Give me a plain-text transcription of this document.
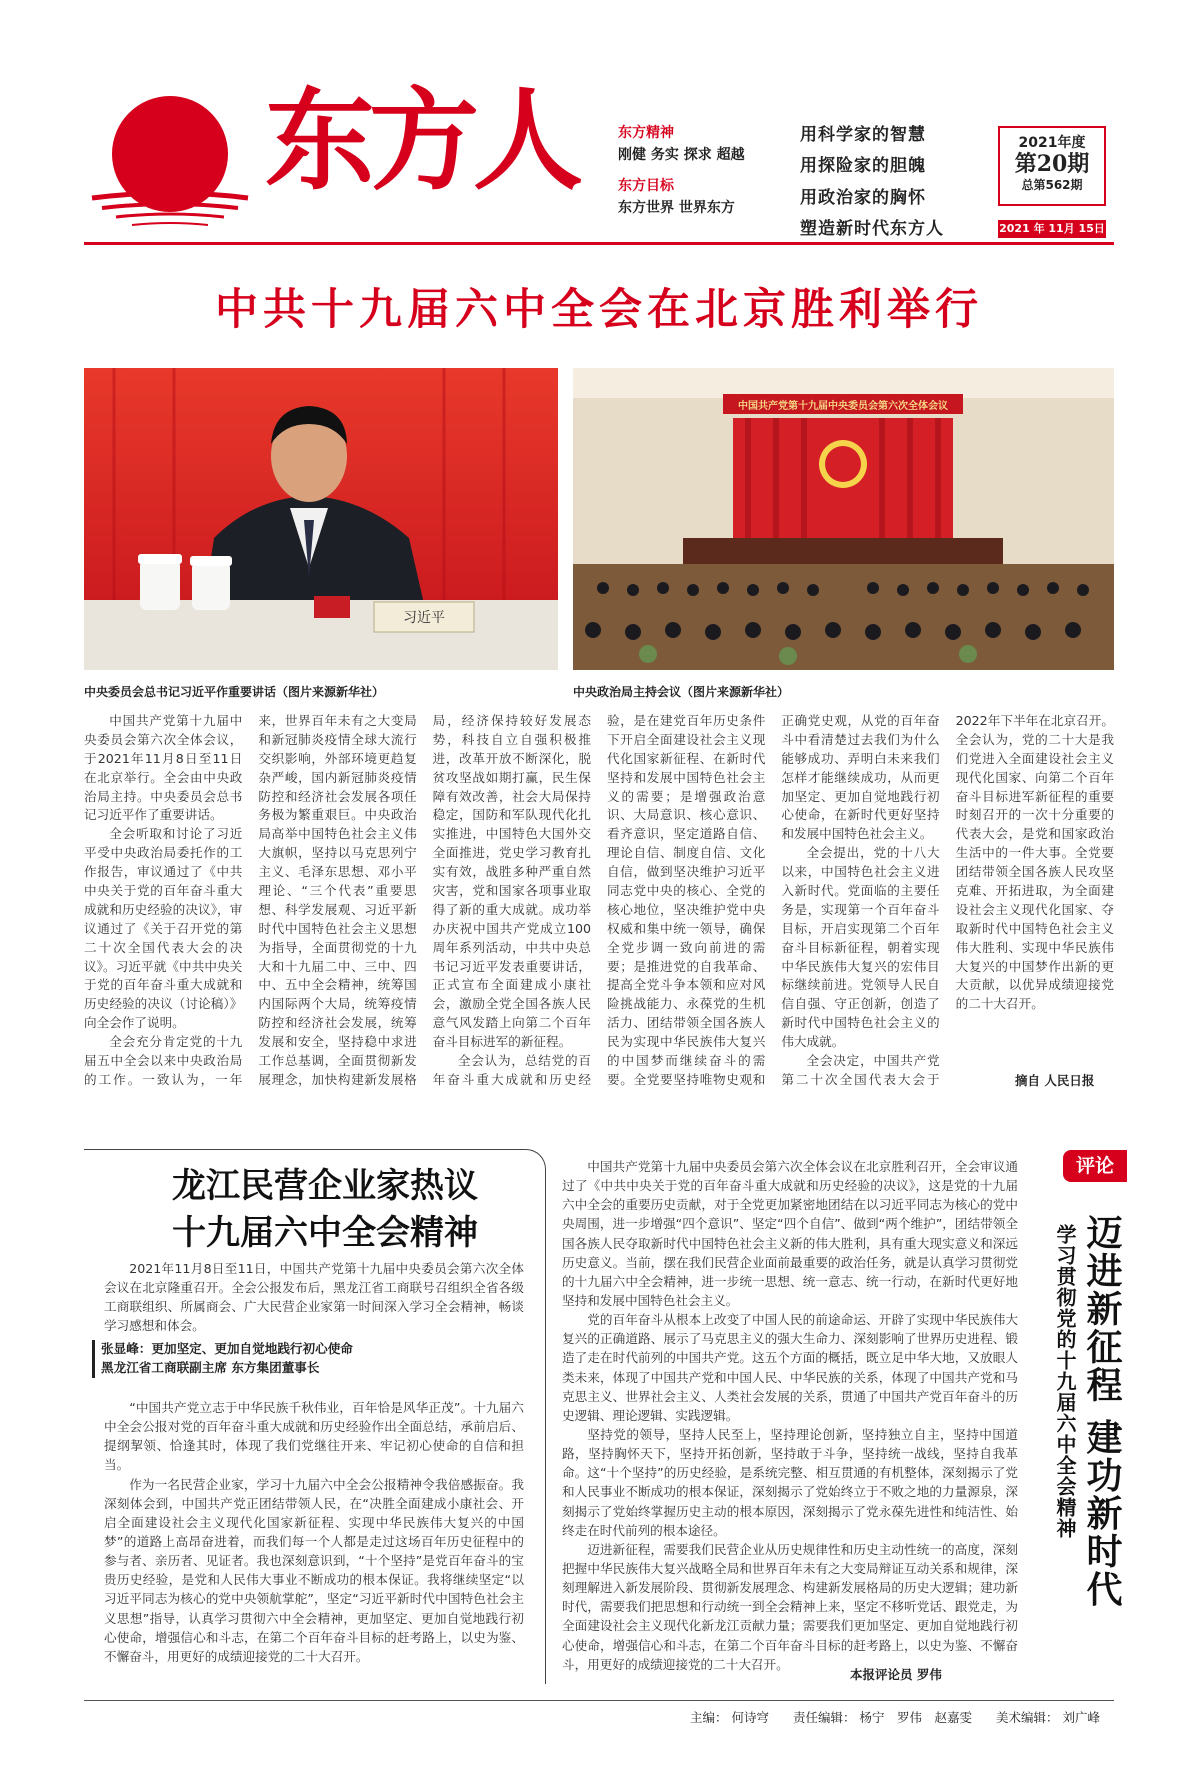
东方人	东方精神
刚健 务实 探求 超越
东方目标
东方世界 世界东方
用科学家的智慧
用探险家的胆魄
用政治家的胸怀
塑造新时代东方人
2021年度
第20期
总第562期
2021 年 11月 15日
中共十九届六中全会在北京胜利举行
习近平
中国共产党第十九届中央委员会第六次全体会议
中央委员会总书记习近平作重要讲话（图片来源新华社）	中央政治局主持会议（图片来源新华社）

中国共产党第十九届中央委员会第六次全体会议，于2021年11月8日至11日在北京举行。全会由中央政治局主持。中央委员会总书记习近平作了重要讲话。

全会听取和讨论了习近平受中央政治局委托作的工作报告，审议通过了《中共中央关于党的百年奋斗重大成就和历史经验的决议》，审议通过了《关于召开党的第二十次全国代表大会的决议》。习近平就《中共中央关于党的百年奋斗重大成就和历史经验的决议（讨论稿）》向全会作了说明。

全会充分肯定党的十九届五中全会以来中央政治局的工作。一致认为，一年来，世界百年未有之大变局和新冠肺炎疫情全球大流行交织影响，外部环境更趋复杂严峻，国内新冠肺炎疫情防控和经济社会发展各项任务极为繁重艰巨。中央政治局高举中国特色社会主义伟大旗帜，坚持以马克思列宁主义、毛泽东思想、邓小平理论、“三个代表”重要思想、科学发展观、习近平新时代中国特色社会主义思想为指导，全面贯彻党的十九大和十九届二中、三中、四中、五中全会精神，统筹国内国际两个大局，统筹疫情防控和经济社会发展，统筹发展和安全，坚持稳中求进工作总基调，全面贯彻新发展理念，加快构建新发展格局，经济保持较好发展态势，科技自立自强积极推进，改革开放不断深化，脱贫攻坚战如期打赢，民生保障有效改善，社会大局保持稳定，国防和军队现代化扎实推进，中国特色大国外交全面推进，党史学习教育扎实有效，战胜多种严重自然灾害，党和国家各项事业取得了新的重大成就。成功举办庆祝中国共产党成立100周年系列活动，中共中央总书记习近平发表重要讲话，正式宣布全面建成小康社会，激励全党全国各族人民意气风发踏上向第二个百年奋斗目标进军的新征程。

全会认为，总结党的百年奋斗重大成就和历史经验，是在建党百年历史条件下开启全面建设社会主义现代化国家新征程、在新时代坚持和发展中国特色社会主义的需要；是增强政治意识、大局意识、核心意识、看齐意识，坚定道路自信、理论自信、制度自信、文化自信，做到坚决维护习近平同志党中央的核心、全党的核心地位，坚决维护党中央权威和集中统一领导，确保全党步调一致向前进的需要；是推进党的自我革命、提高全党斗争本领和应对风险挑战能力、永葆党的生机活力、团结带领全国各族人民为实现中华民族伟大复兴的中国梦而继续奋斗的需要。全党要坚持唯物史观和正确党史观，从党的百年奋斗中看清楚过去我们为什么能够成功、弄明白未来我们怎样才能继续成功，从而更加坚定、更加自觉地践行初心使命，在新时代更好坚持和发展中国特色社会主义。

全会提出，党的十八大以来，中国特色社会主义进入新时代。党面临的主要任务是，实现第一个百年奋斗目标，开启实现第二个百年奋斗目标新征程，朝着实现中华民族伟大复兴的宏伟目标继续前进。党领导人民自信自强、守正创新，创造了新时代中国特色社会主义的伟大成就。

全会决定，中国共产党第二十次全国代表大会于2022年下半年在北京召开。全会认为，党的二十大是我们党进入全面建设社会主义现代化国家、向第二个百年奋斗目标进军新征程的重要时刻召开的一次十分重要的代表大会，是党和国家政治生活中的一件大事。全党要团结带领全国各族人民攻坚克难、开拓进取，为全面建设社会主义现代化国家、夺取新时代中国特色社会主义伟大胜利、实现中华民族伟大复兴的中国梦作出新的更大贡献，以优异成绩迎接党的二十大召开。

摘自 人民日报
龙江民营企业家热议
十九届六中全会精神
2021年11月8日至11日，中国共产党第十九届中央委员会第六次全体会议在北京隆重召开。全会公报发布后，黑龙江省工商联号召组织全省各级工商联组织、所属商会、广大民营企业家第一时间深入学习全会精神，畅谈学习感想和体会。
张显峰：更加坚定、更加自觉地践行初心使命
黑龙江省工商联副主席 东方集团董事长

“中国共产党立志于中华民族千秋伟业，百年恰是风华正茂”。十九届六中全会公报对党的百年奋斗重大成就和历史经验作出全面总结，承前启后、提纲挈领、恰逢其时，体现了我们党继往开来、牢记初心使命的自信和担当。

作为一名民营企业家，学习十九届六中全会公报精神令我倍感振奋。我深刻体会到，中国共产党正团结带领人民，在“决胜全面建成小康社会、开启全面建设社会主义现代化国家新征程、实现中华民族伟大复兴的中国梦”的道路上高昂奋进着，而我们每一个人都是走过这场百年历史征程中的参与者、亲历者、见证者。我也深刻意识到，“十个坚持”是党百年奋斗的宝贵历史经验，是党和人民伟大事业不断成功的根本保证。我将继续坚定“以习近平同志为核心的党中央领航掌舵”，坚定“习近平新时代中国特色社会主义思想”指导，认真学习贯彻六中全会精神，更加坚定、更加自觉地践行初心使命，增强信心和斗志，在第二个百年奋斗目标的赶考路上，以史为鉴、不懈奋斗，用更好的成绩迎接党的二十大召开。

中国共产党第十九届中央委员会第六次全体会议在北京胜利召开，全会审议通过了《中共中央关于党的百年奋斗重大成就和历史经验的决议》，这是党的十九届六中全会的重要历史贡献，对于全党更加紧密地团结在以习近平同志为核心的党中央周围，进一步增强“四个意识”、坚定“四个自信”、做到“两个维护”，团结带领全国各族人民夺取新时代中国特色社会主义新的伟大胜利，具有重大现实意义和深远历史意义。当前，摆在我们民营企业面前最重要的政治任务，就是认真学习贯彻党的十九届六中全会精神，进一步统一思想、统一意志、统一行动，在新时代更好地坚持和发展中国特色社会主义。

党的百年奋斗从根本上改变了中国人民的前途命运、开辟了实现中华民族伟大复兴的正确道路、展示了马克思主义的强大生命力、深刻影响了世界历史进程、锻造了走在时代前列的中国共产党。这五个方面的概括，既立足中华大地，又放眼人类未来，体现了中国共产党和中国人民、中华民族的关系，体现了中国共产党和马克思主义、世界社会主义、人类社会发展的关系，贯通了中国共产党百年奋斗的历史逻辑、理论逻辑、实践逻辑。

坚持党的领导，坚持人民至上，坚持理论创新，坚持独立自主，坚持中国道路，坚持胸怀天下，坚持开拓创新，坚持敢于斗争，坚持统一战线，坚持自我革命。这“十个坚持”的历史经验，是系统完整、相互贯通的有机整体，深刻揭示了党和人民事业不断成功的根本保证，深刻揭示了党始终立于不败之地的力量源泉，深刻揭示了党始终掌握历史主动的根本原因，深刻揭示了党永葆先进性和纯洁性、始终走在时代前列的根本途径。

迈进新征程，需要我们民营企业从历史规律性和历史主动性统一的高度，深刻把握中华民族伟大复兴战略全局和世界百年未有之大变局辩证互动关系和规律，深刻理解进入新发展阶段、贯彻新发展理念、构建新发展格局的历史大逻辑；建功新时代，需要我们把思想和行动统一到全会精神上来，坚定不移听党话、跟党走，为全面建设社会主义现代化新龙江贡献力量；需要我们更加坚定、更加自觉地践行初心使命，增强信心和斗志，在第二个百年奋斗目标的赶考路上，以史为鉴、不懈奋斗，用更好的成绩迎接党的二十大召开。

本报评论员 罗伟
评论
迈进新征程 建功新时代
学习贯彻党的十九届六中全会精神
主编： 何诗穹 责任编辑： 杨宁　罗伟　赵嘉雯 美术编辑： 刘广峰
